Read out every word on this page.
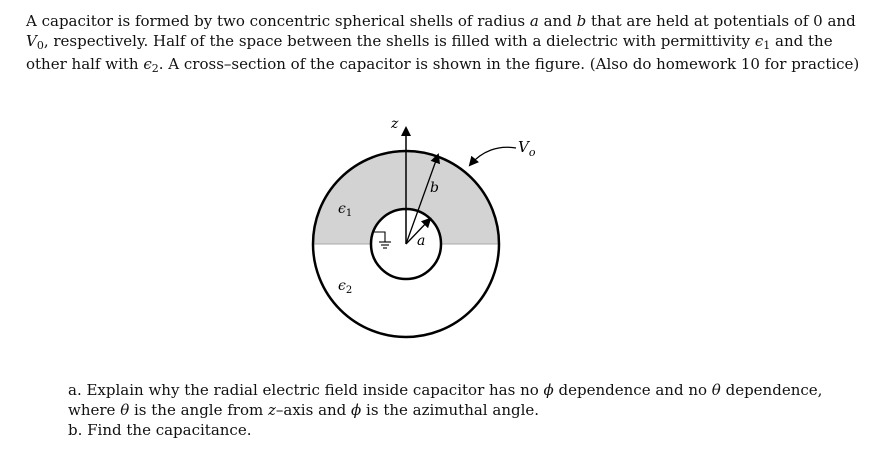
A capacitor is formed by two concentric spherical shells of radius a and b that are held at potentials of 0 and $V_0$, respectively. Half of the space between the shells is filled with a dielectric with permittivity $\epsilon_1$ and the other half with $\epsilon_2$. A cross–section of the capacitor is shown in the figure. (Also do homework 10 for practice)

z
b
a
$V_o$
$\epsilon_1$
$\epsilon_2$

a. Explain why the radial electric field inside capacitor has no ϕ dependence and no θ dependence,

where θ is the angle from z–axis and ϕ is the azimuthal angle.

b. Find the capacitance.
